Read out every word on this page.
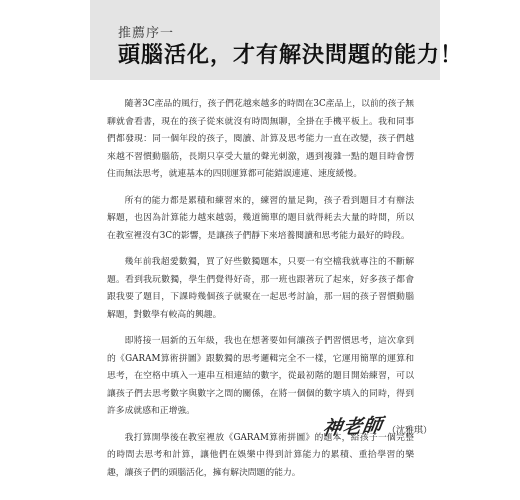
推薦序一
頭腦活化，才有解決問題的能力！

隨著3C產品的風行，孩子們花越來越多的時間在3C產品上，以前的孩子無聊就會看書，現在的孩子從來就沒有時間無聊，全掛在手機平板上。我和同事們都發現：同一個年段的孩子，閱讀、計算及思考能力一直在改變，孩子們越來越不習慣動腦筋，長期只享受大量的聲光刺激，遇到複雜一點的題目時會愣住而無法思考，就連基本的四則運算都可能錯誤連連、速度緩慢。

所有的能力都是累積和練習來的，練習的量足夠，孩子看到題目才有辦法解題，也因為計算能力越來越弱，幾道簡單的題目就得耗去大量的時間，所以在教室裡沒有3C的影響，是讓孩子們靜下來培養閱讀和思考能力最好的時段。

幾年前我超愛數獨，買了好些數獨題本，只要一有空檔我就專注的不斷解題。看到我玩數獨，學生們覺得好奇，那一班也跟著玩了起來，好多孩子都會跟我要了題目，下課時幾個孩子就聚在一起思考討論，那一屆的孩子習慣動腦解題，對數學有較高的興趣。

即將接一屆新的五年級，我也在想著要如何讓孩子們習慣思考，這次拿到的《GARAM算術拼圖》跟數獨的思考邏輯完全不一樣，它運用簡單的運算和思考，在空格中填入一連串互相連結的數字，從最初階的題目開始練習，可以讓孩子們去思考數字與數字之間的關係，在將一個個的數字填入的同時，得到許多成就感和正增強。

我打算開學後在教室裡放《GARAM算術拼圖》的題本，給孩子一個完整的時間去思考和計算，讓他們在娛樂中得到計算能力的累積、重拾學習的樂趣，讓孩子們的頭腦活化，擁有解決問題的能力。

神老師 （沈雅琪）
